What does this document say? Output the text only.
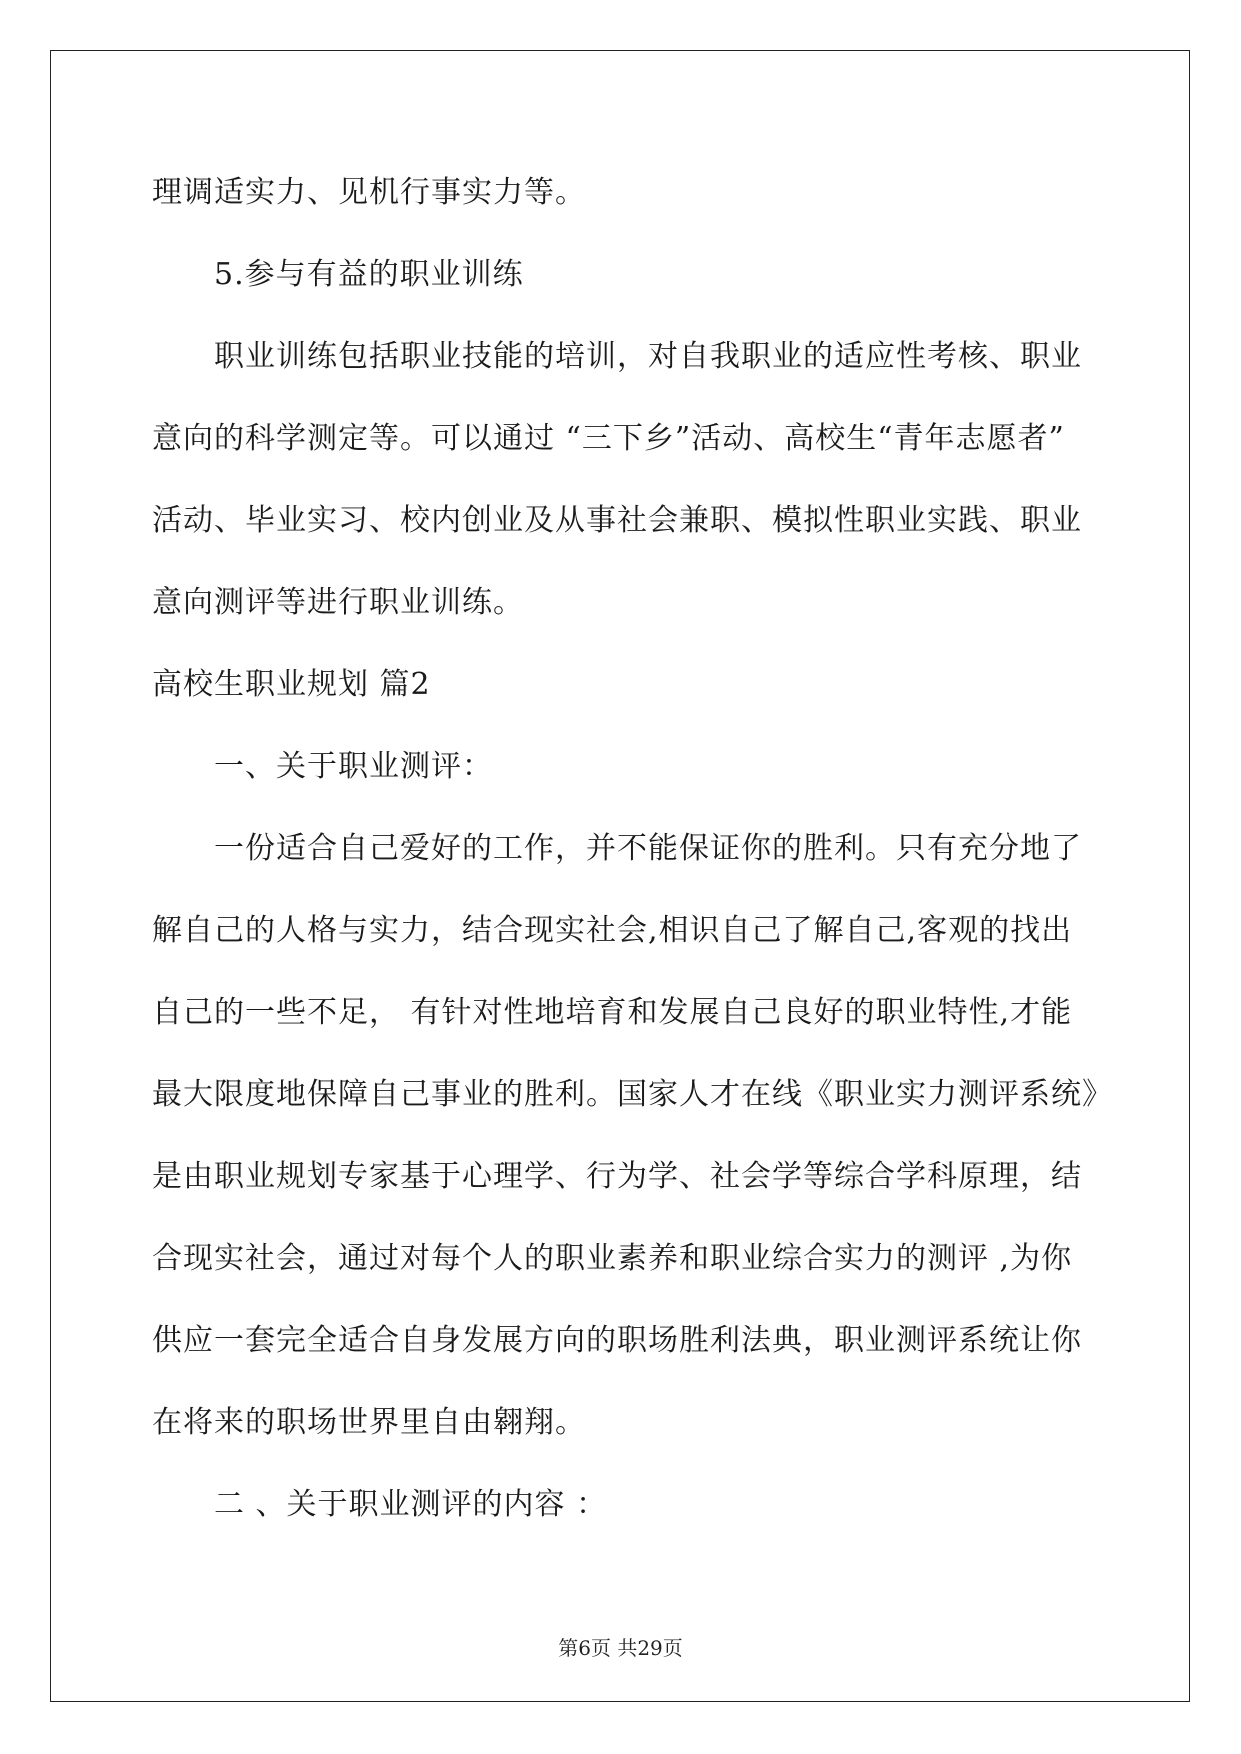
理调适实力、见机行事实力等。

5.参与有益的职业训练

职业训练包括职业技能的培训，对自我职业的适应性考核、职业

意向的科学测定等。可以通过 “三下乡”活动、高校生“青年志愿者”

活动、毕业实习、校内创业及从事社会兼职、模拟性职业实践、职业

意向测评等进行职业训练。

高校生职业规划 篇2

一、关于职业测评：

一份适合自己爱好的工作，并不能保证你的胜利。只有充分地了

解自己的人格与实力，结合现实社会,相识自己了解自己,客观的找出

自己的一些不足， 有针对性地培育和发展自己良好的职业特性,才能

最大限度地保障自己事业的胜利。国家人才在线《职业实力测评系统》

是由职业规划专家基于心理学、行为学、社会学等综合学科原理，结

合现实社会，通过对每个人的职业素养和职业综合实力的测评 ,为你

供应一套完全适合自身发展方向的职场胜利法典，职业测评系统让你

在将来的职场世界里自由翱翔。

二 、关于职业测评的内容 ：

第6页 共29页
